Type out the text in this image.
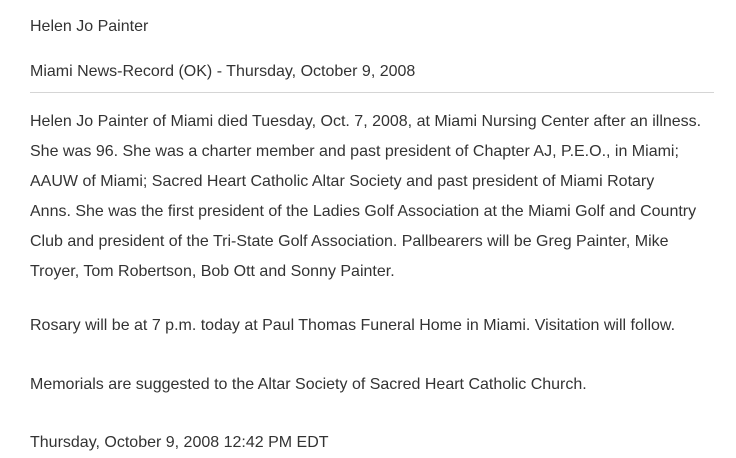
Helen Jo Painter
Miami News-Record (OK) - Thursday, October 9, 2008
Helen Jo Painter of Miami died Tuesday, Oct. 7, 2008, at Miami Nursing Center after an illness.
She was 96. She was a charter member and past president of Chapter AJ, P.E.O., in Miami;
AAUW of Miami; Sacred Heart Catholic Altar Society and past president of Miami Rotary
Anns. She was the first president of the Ladies Golf Association at the Miami Golf and Country
Club and president of the Tri-State Golf Association. Pallbearers will be Greg Painter, Mike
Troyer, Tom Robertson, Bob Ott and Sonny Painter.
Rosary will be at 7 p.m. today at Paul Thomas Funeral Home in Miami. Visitation will follow.
Memorials are suggested to the Altar Society of Sacred Heart Catholic Church.
Thursday, October 9, 2008 12:42 PM EDT
